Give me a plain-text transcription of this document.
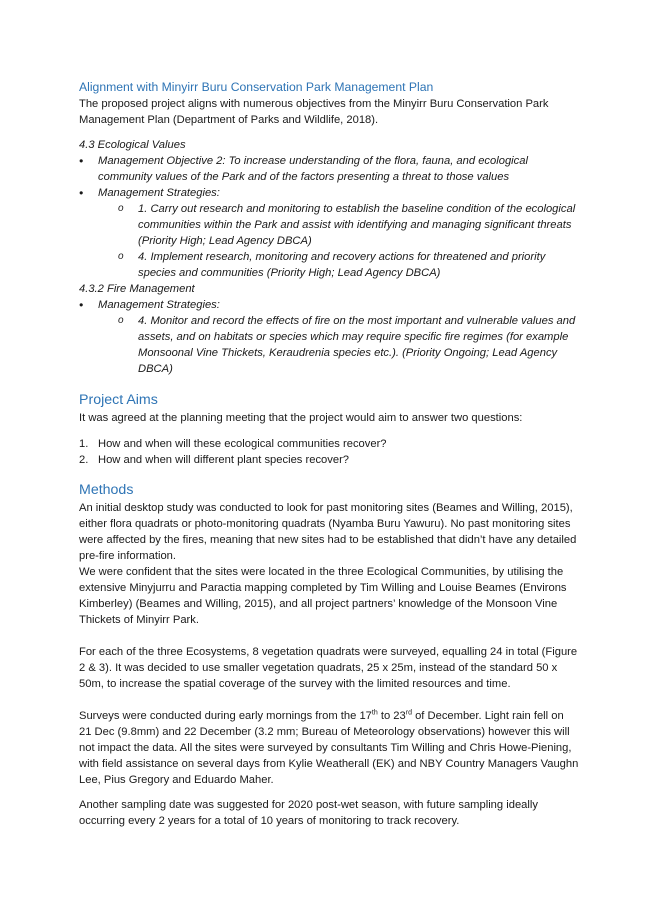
Alignment with Minyirr Buru Conservation Park Management Plan

The proposed project aligns with numerous objectives from the Minyirr Buru Conservation Park Management Plan (Department of Parks and Wildlife, 2018).

4.3 Ecological Values

•	Management Objective 2: To increase understanding of the flora, fauna, and ecological community values of the Park and of the factors presenting a threat to those values
•	Management Strategies:
o	1. Carry out research and monitoring to establish the baseline condition of the ecological communities within the Park and assist with identifying and managing significant threats (Priority High; Lead Agency DBCA)
o	4. Implement research, monitoring and recovery actions for threatened and priority species and communities (Priority High; Lead Agency DBCA)

4.3.2 Fire Management

•	Management Strategies:
o	4. Monitor and record the effects of fire on the most important and vulnerable values and assets, and on habitats or species which may require specific fire regimes (for example Monsoonal Vine Thickets, Keraudrenia species etc.). (Priority Ongoing; Lead Agency DBCA)
Project Aims

It was agreed at the planning meeting that the project would aim to answer two questions:

1. How and when will these ecological communities recover?
2. How and when will different plant species recover?
Methods

An initial desktop study was conducted to look for past monitoring sites (Beames and Willing, 2015), either flora quadrats or photo-monitoring quadrats (Nyamba Buru Yawuru). No past monitoring sites were affected by the fires, meaning that new sites had to be established that didn’t have any detailed pre-fire information.

We were confident that the sites were located in the three Ecological Communities, by utilising the extensive Minyjurru and Paractia mapping completed by Tim Willing and Louise Beames (Environs Kimberley) (Beames and Willing, 2015), and all project partners’ knowledge of the Monsoon Vine Thickets of Minyirr Park.

For each of the three Ecosystems, 8 vegetation quadrats were surveyed, equalling 24 in total (Figure 2 & 3). It was decided to use smaller vegetation quadrats, 25 x 25m, instead of the standard 50 x 50m, to increase the spatial coverage of the survey with the limited resources and time.

Surveys were conducted during early mornings from the 17th to 23rd of December. Light rain fell on 21 Dec (9.8mm) and 22 December (3.2 mm; Bureau of Meteorology observations) however this will not impact the data. All the sites were surveyed by consultants Tim Willing and Chris Howe-Piening, with field assistance on several days from Kylie Weatherall (EK) and NBY Country Managers Vaughn Lee, Pius Gregory and Eduardo Maher.

Another sampling date was suggested for 2020 post-wet season, with future sampling ideally occurring every 2 years for a total of 10 years of monitoring to track recovery.
